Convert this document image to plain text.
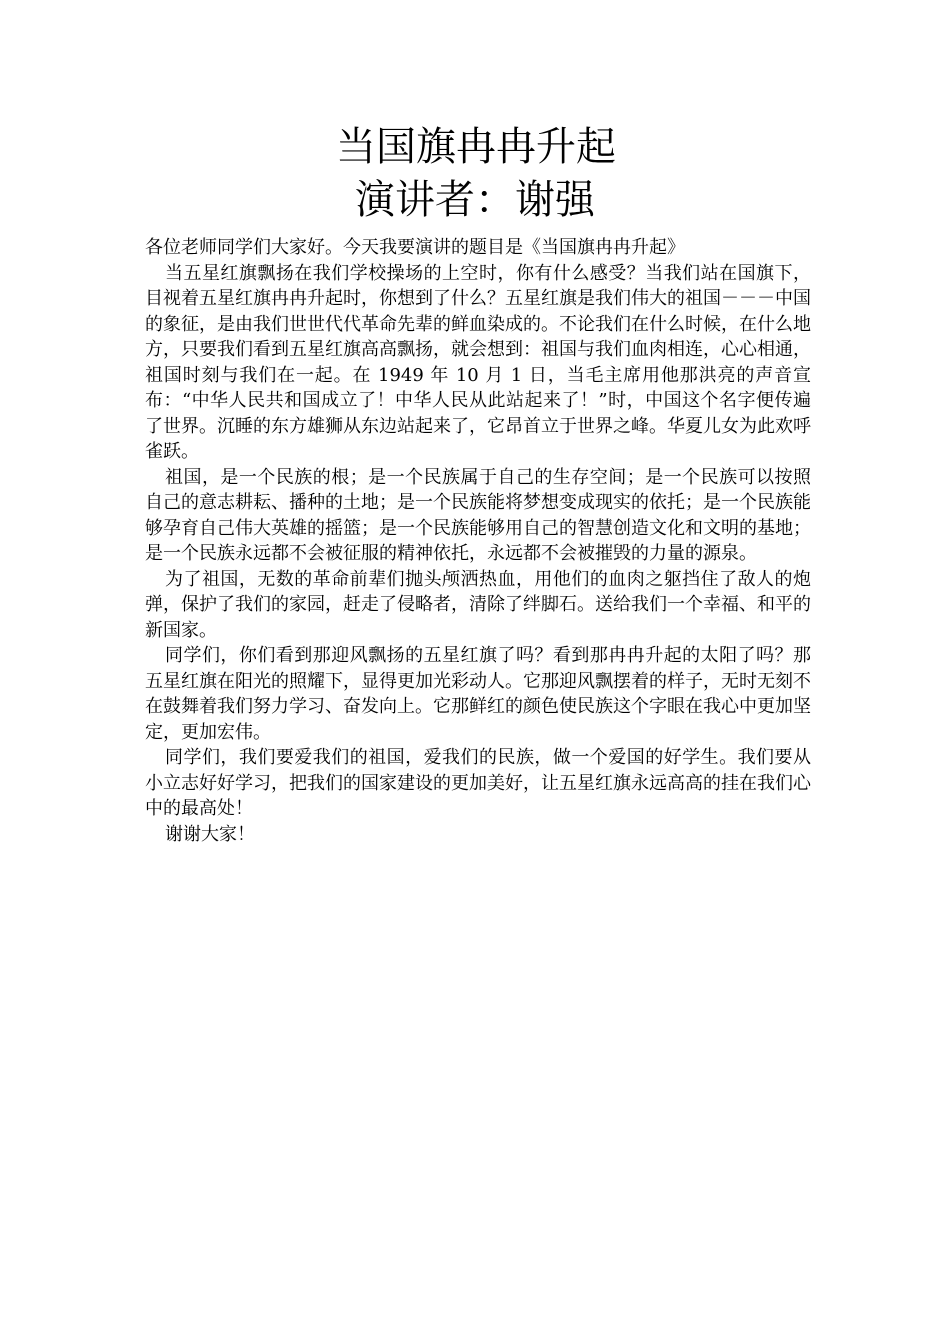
当国旗冉冉升起
演讲者：谢强

各位老师同学们大家好。今天我要演讲的题目是《当国旗冉冉升起》

当五星红旗飘扬在我们学校操场的上空时，你有什么感受？当我们站在国旗下，目视着五星红旗冉冉升起时，你想到了什么？五星红旗是我们伟大的祖国－－－中国的象征，是由我们世世代代革命先辈的鲜血染成的。不论我们在什么时候，在什么地方，只要我们看到五星红旗高高飘扬，就会想到：祖国与我们血肉相连，心心相通，祖国时刻与我们在一起。在 1949 年 10 月 1 日，当毛主席用他那洪亮的声音宣布：“中华人民共和国成立了！中华人民从此站起来了！”时，中国这个名字便传遍了世界。沉睡的东方雄狮从东边站起来了，它昂首立于世界之峰。华夏儿女为此欢呼雀跃。

祖国，是一个民族的根；是一个民族属于自己的生存空间；是一个民族可以按照自己的意志耕耘、播种的土地；是一个民族能将梦想变成现实的依托；是一个民族能够孕育自己伟大英雄的摇篮；是一个民族能够用自己的智慧创造文化和文明的基地；是一个民族永远都不会被征服的精神依托，永远都不会被摧毁的力量的源泉。

为了祖国，无数的革命前辈们抛头颅洒热血，用他们的血肉之躯挡住了敌人的炮弹，保护了我们的家园，赶走了侵略者，清除了绊脚石。送给我们一个幸福、和平的新国家。

同学们，你们看到那迎风飘扬的五星红旗了吗？看到那冉冉升起的太阳了吗？那五星红旗在阳光的照耀下，显得更加光彩动人。它那迎风飘摆着的样子，无时无刻不在鼓舞着我们努力学习、奋发向上。它那鲜红的颜色使民族这个字眼在我心中更加坚定，更加宏伟。

同学们，我们要爱我们的祖国，爱我们的民族，做一个爱国的好学生。我们要从小立志好好学习，把我们的国家建设的更加美好，让五星红旗永远高高的挂在我们心中的最高处！

谢谢大家！
